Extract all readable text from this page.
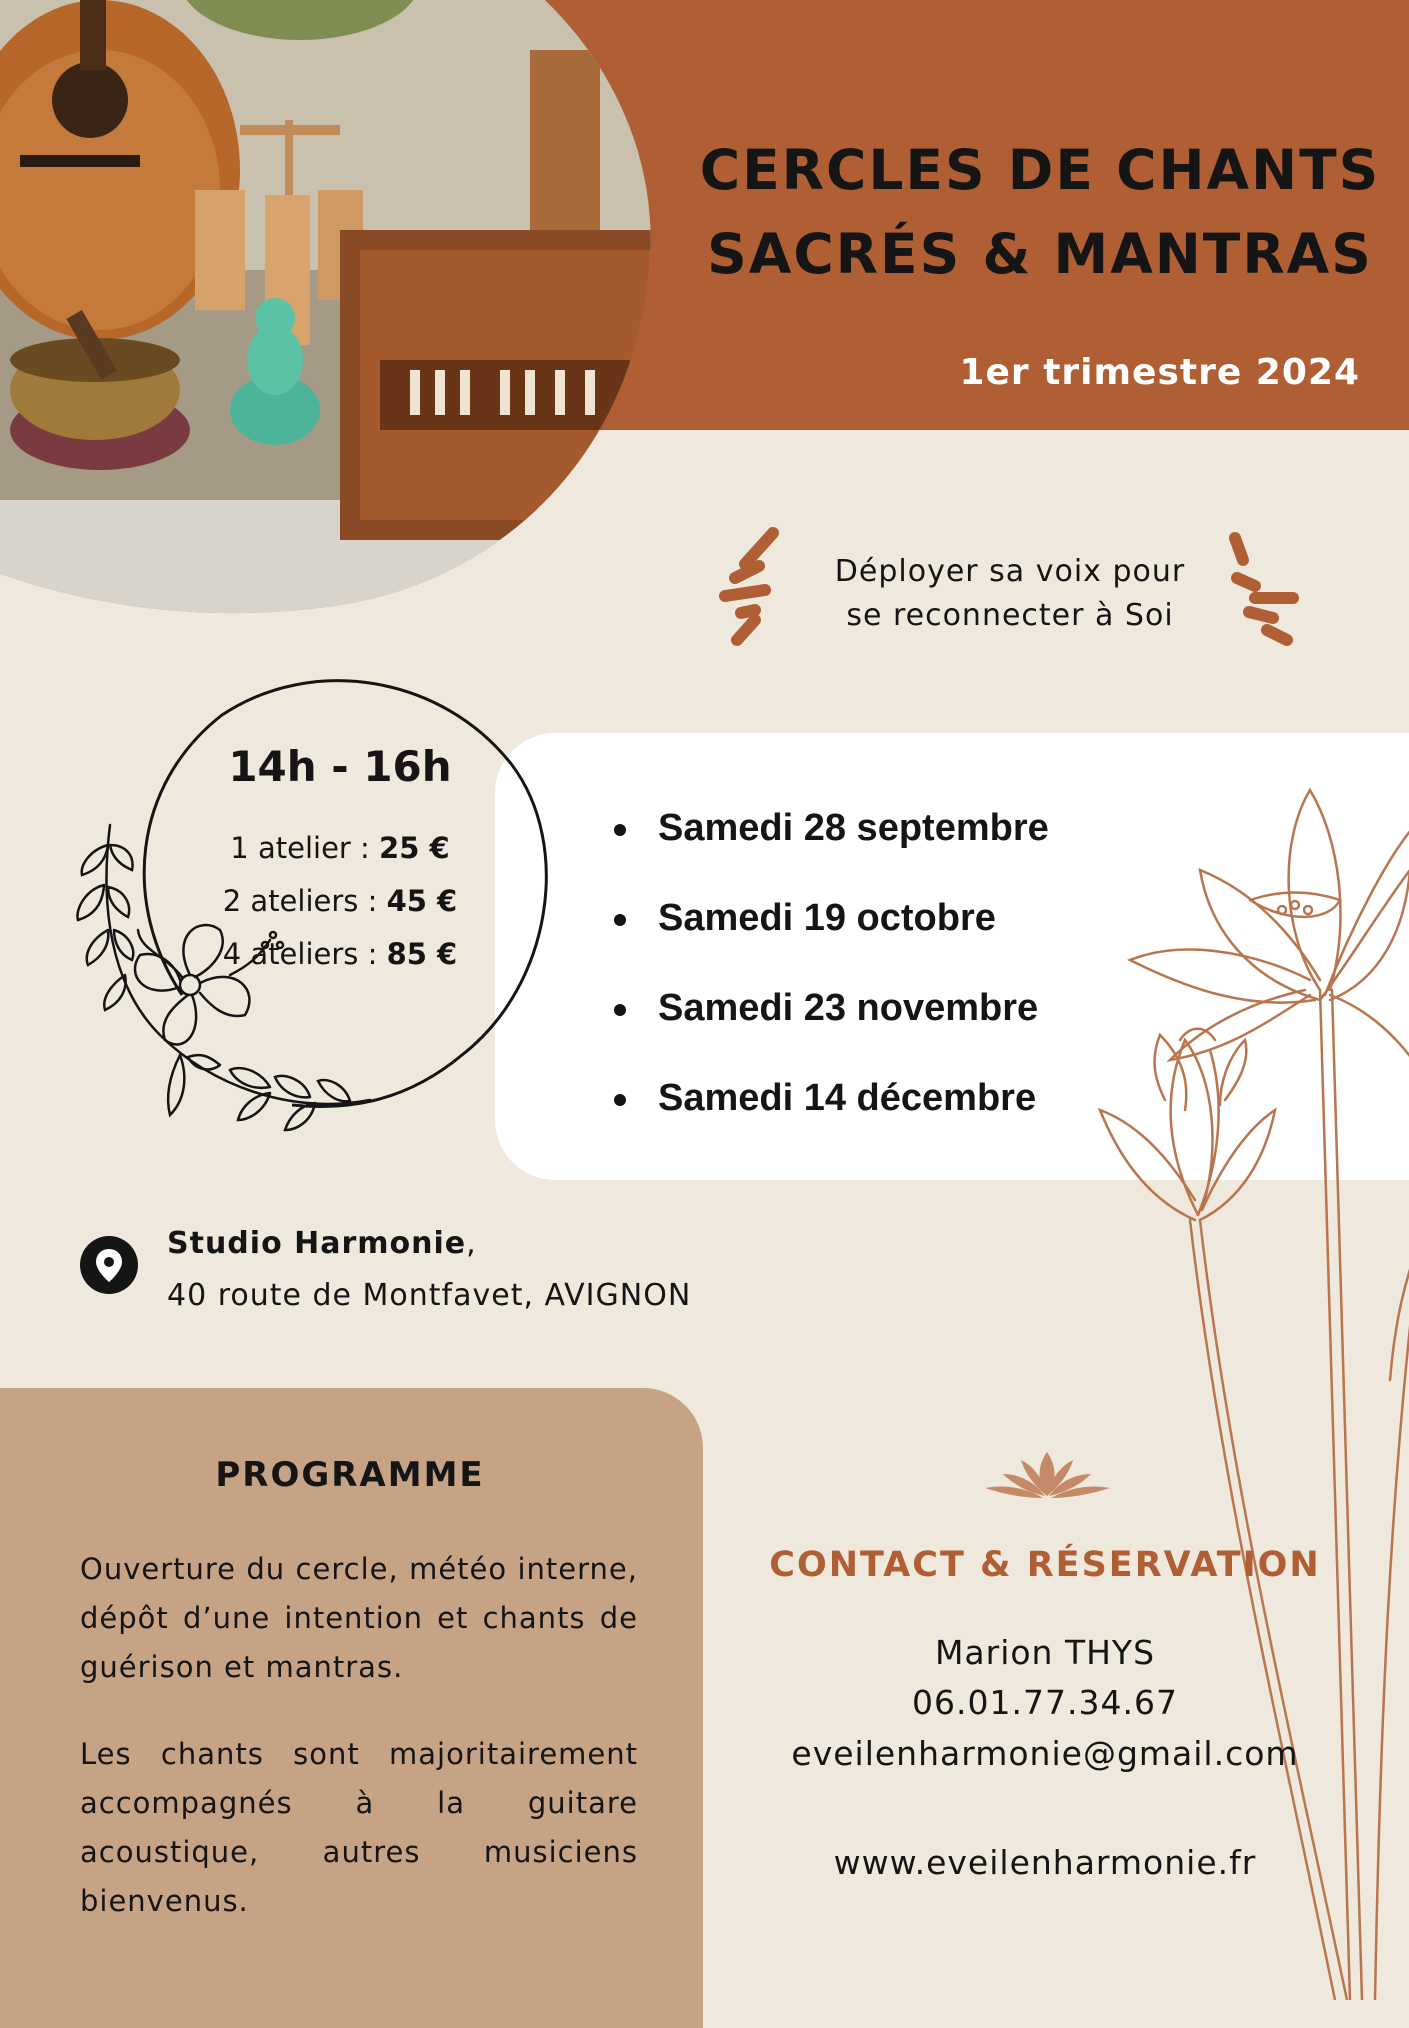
CERCLES DE CHANTS
SACRÉS & MANTRAS
1er trimestre 2024
Déployer sa voix pour
se reconnecter à Soi
Samedi 28 septembre
Samedi 19 octobre
Samedi 23 novembre
Samedi 14 décembre
14h - 16h
1 atelier : 25 €
2 ateliers : 45 €
4 ateliers : 85 €
Studio Harmonie,
40 route de Montfavet, AVIGNON
PROGRAMME
Ouverture du cercle, météo interne, dépôt d’une intention et chants de guérison et mantras.
Les chants sont majoritairement accompagnés à la guitare acoustique, autres musiciens bienvenus.
CONTACT & RÉSERVATION
Marion THYS
06.01.77.34.67
eveilenharmonie@gmail.com
www.eveilenharmonie.fr
